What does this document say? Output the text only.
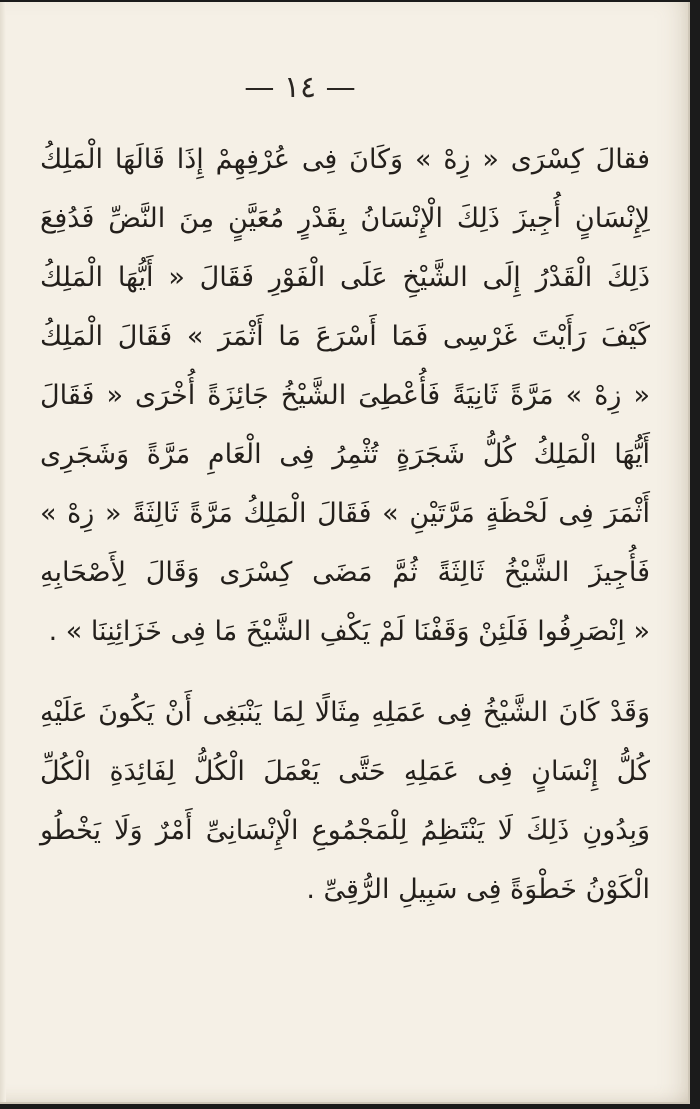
— ١٤ —
فقالَ كِسْرَى « زِهْ » وَكَانَ فِى عُرْفِهِمْ إِذَا قَالَهَا الْمَلِكُ
لِإِنْسَانٍ أُجِيزَ ذَلِكَ الْإِنْسَانُ بِقَدْرٍ مُعَيَّنٍ مِنَ النَّضِّ فَدُفِعَ
ذَلِكَ الْقَدْرُ إِلَى الشَّيْخِ عَلَى الْفَوْرِ فَقَالَ « أَيُّهَا الْمَلِكُ
كَيْفَ رَأَيْتَ غَرْسِى فَمَا أَسْرَعَ مَا أَثْمَرَ » فَقَالَ الْمَلِكُ
« زِهْ » مَرَّةً ثَانِيَةً فَأُعْطِىَ الشَّيْخُ جَائِزَةً أُخْرَى « فَقَالَ
أَيُّهَا الْمَلِكُ كُلُّ شَجَرَةٍ تُثْمِرُ فِى الْعَامِ مَرَّةً وَشَجَرِى
أَثْمَرَ فِى لَحْظَةٍ مَرَّتَيْنِ » فَقَالَ الْمَلِكُ مَرَّةً ثَالِثَةً « زِهْ »
فَأُجِيزَ الشَّيْخُ ثَالِثَةً ثُمَّ مَضَى كِسْرَى وَقَالَ لِأَصْحَابِهِ
« اِنْصَرِفُوا فَلَئِنْ وَقَفْنَا لَمْ يَكْفِ الشَّيْخَ مَا فِى خَزَائِنِنَا » .
وَقَدْ كَانَ الشَّيْخُ فِى عَمَلِهِ مِثَالًا لِمَا يَنْبَغِى أَنْ يَكُونَ عَلَيْهِ
كُلُّ إِنْسَانٍ فِى عَمَلِهِ حَتَّى يَعْمَلَ الْكُلُّ لِفَائِدَةِ الْكُلِّ
وَبِدُونِ ذَلِكَ لَا يَنْتَظِمُ لِلْمَجْمُوعِ الْإِنْسَانِىِّ أَمْرٌ وَلَا يَخْطُو
الْكَوْنُ خَطْوَةً فِى سَبِيلِ الرُّقِىِّ .
